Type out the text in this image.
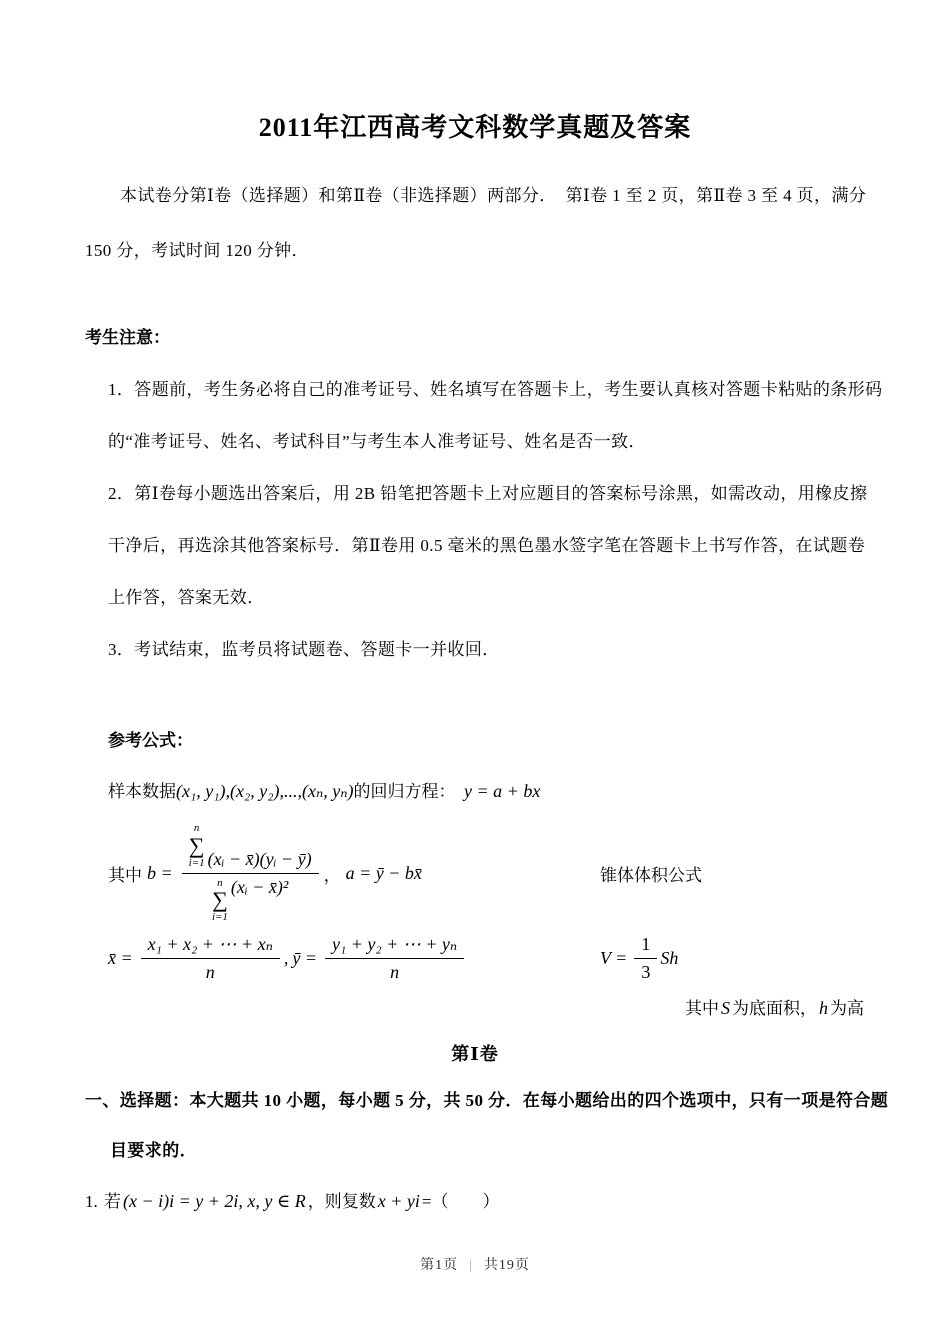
2011年江西高考文科数学真题及答案
本试卷分第Ⅰ卷（选择题）和第Ⅱ卷（非选择题）两部分．　第Ⅰ卷 1 至 2 页，第Ⅱ卷 3 至 4 页，满分
150 分，考试时间 120 分钟．
考生注意：
1．答题前，考生务必将自己的准考证号、姓名填写在答题卡上，考生要认真核对答题卡粘贴的条形码
的“准考证号、姓名、考试科目”与考生本人准考证号、姓名是否一致．
2．第Ⅰ卷每小题选出答案后，用 2B 铅笔把答题卡上对应题目的答案标号涂黑，如需改动，用橡皮擦
干净后，再选涂其他答案标号．第Ⅱ卷用 0.5 毫米的黑色墨水签字笔在答题卡上书写作答，在试题卷
上作答，答案无效．
3．考试结束，监考员将试题卷、答题卡一并收回．
参考公式：
样本数据(x₁, y₁),(x₂, y₂),...,(xₙ, yₙ)的回归方程： y = a + bx
其中 b =
n
∑
i=1 (xᵢ − x̄)(yᵢ − ȳ)
n
∑
i=1
(xᵢ − x̄)²
， a = ȳ − bx̄	锥体体积公式
x̄ = $\frac{\text{x₁ + x₂ + ⋯ + xₙ}}{n}$ , ȳ = $\frac{\text{y₁ + y₂ + ⋯ + yₙ}}{n}$	$V = \frac{1}{3}$ Sh
其中 S 为底面积， h 为高
第Ⅰ卷
一、选择题：本大题共 10 小题，每小题 5 分，共 50 分．在每小题给出的四个选项中，只有一项是符合题
目要求的．
1. 若 (x − i)i = y + 2i, x, y ∈ R ，则复数 x + yi =（　　）
第1页 | 共19页
